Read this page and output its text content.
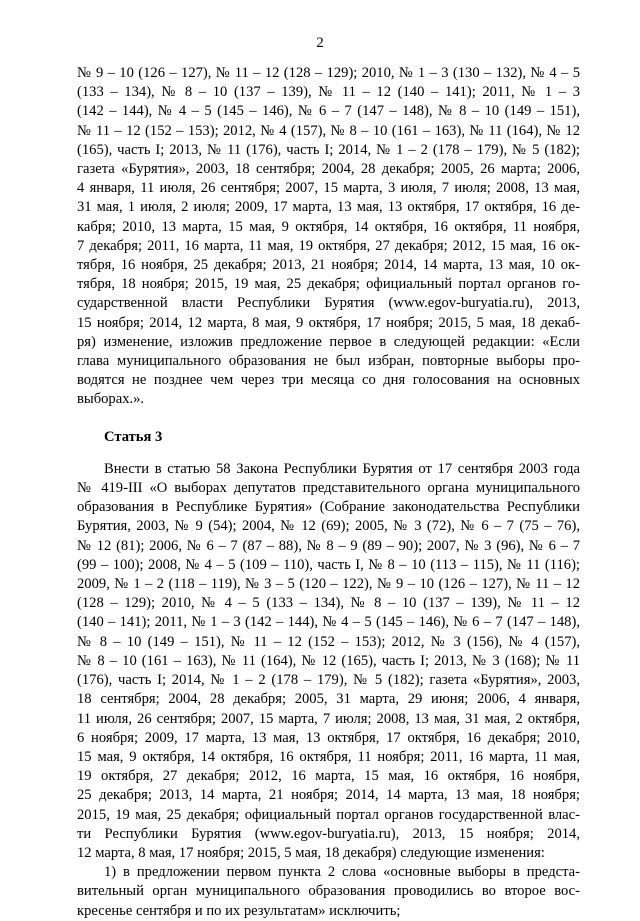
2
№ 9 – 10 (126 – 127), № 11 – 12 (128 – 129); 2010, № 1 – 3 (130 – 132), № 4 – 5
(133 – 134), № 8 – 10 (137 – 139), № 11 – 12 (140 – 141); 2011, № 1 – 3
(142 – 144), № 4 – 5 (145 – 146), № 6 – 7 (147 – 148), № 8 – 10 (149 – 151),
№ 11 – 12 (152 – 153); 2012, № 4 (157), № 8 – 10 (161 – 163), № 11 (164), № 12
(165), часть I; 2013, № 11 (176), часть I; 2014, № 1 – 2 (178 – 179), № 5 (182);
газета «Бурятия», 2003, 18 сентября; 2004, 28 декабря; 2005, 26 марта; 2006,
4 января, 11 июля, 26 сентября; 2007, 15 марта, 3 июля, 7 июля; 2008, 13 мая,
31 мая, 1 июля, 2 июля; 2009, 17 марта, 13 мая, 13 октября, 17 октября, 16 де-
кабря; 2010, 13 марта, 15 мая, 9 октября, 14 октября, 16 октября, 11 ноября,
7 декабря; 2011, 16 марта, 11 мая, 19 октября, 27 декабря; 2012, 15 мая, 16 ок-
тября, 16 ноября, 25 декабря; 2013, 21 ноября; 2014, 14 марта, 13 мая, 10 ок-
тября, 18 ноября; 2015, 19 мая, 25 декабря; официальный портал органов го-
сударственной власти Республики Бурятия (www.egov-buryatia.ru), 2013,
15 ноября; 2014, 12 марта, 8 мая, 9 октября, 17 ноября; 2015, 5 мая, 18 декаб-
ря) изменение, изложив предложение первое в следующей редакции: «Если
глава муниципального образования не был избран, повторные выборы про-
водятся не позднее чем через три месяца со дня голосования на основных
выборах.».
Статья 3
Внести в статью 58 Закона Республики Бурятия от 17 сентября 2003 года
№ 419-III «О выборах депутатов представительного органа муниципального
образования в Республике Бурятия» (Собрание законодательства Республики
Бурятия, 2003, № 9 (54); 2004, № 12 (69); 2005, № 3 (72), № 6 – 7 (75 – 76),
№ 12 (81); 2006, № 6 – 7 (87 – 88), № 8 – 9 (89 – 90); 2007, № 3 (96), № 6 – 7
(99 – 100); 2008, № 4 – 5 (109 – 110), часть I, № 8 – 10 (113 – 115), № 11 (116);
2009, № 1 – 2 (118 – 119), № 3 – 5 (120 – 122), № 9 – 10 (126 – 127), № 11 – 12
(128 – 129); 2010, № 4 – 5 (133 – 134), № 8 – 10 (137 – 139), № 11 – 12
(140 – 141); 2011, № 1 – 3 (142 – 144), № 4 – 5 (145 – 146), № 6 – 7 (147 – 148),
№ 8 – 10 (149 – 151), № 11 – 12 (152 – 153); 2012, № 3 (156), № 4 (157),
№ 8 – 10 (161 – 163), № 11 (164), № 12 (165), часть I; 2013, № 3 (168); № 11
(176), часть I; 2014, № 1 – 2 (178 – 179), № 5 (182); газета «Бурятия», 2003,
18 сентября; 2004, 28 декабря; 2005, 31 марта, 29 июня; 2006, 4 января,
11 июля, 26 сентября; 2007, 15 марта, 7 июля; 2008, 13 мая, 31 мая, 2 октября,
6 ноября; 2009, 17 марта, 13 мая, 13 октября, 17 октября, 16 декабря; 2010,
15 мая, 9 октября, 14 октября, 16 октября, 11 ноября; 2011, 16 марта, 11 мая,
19 октября, 27 декабря; 2012, 16 марта, 15 мая, 16 октября, 16 ноября,
25 декабря; 2013, 14 марта, 21 ноября; 2014, 14 марта, 13 мая, 18 ноября;
2015, 19 мая, 25 декабря; официальный портал органов государственной влас-
ти Республики Бурятия (www.egov-buryatia.ru), 2013, 15 ноября; 2014,
12 марта, 8 мая, 17 ноября; 2015, 5 мая, 18 декабря) следующие изменения:
1) в предложении первом пункта 2 слова «основные выборы в предста-
вительный орган муниципального образования проводились во второе вос-
кресенье сентября и по их результатам» исключить;
